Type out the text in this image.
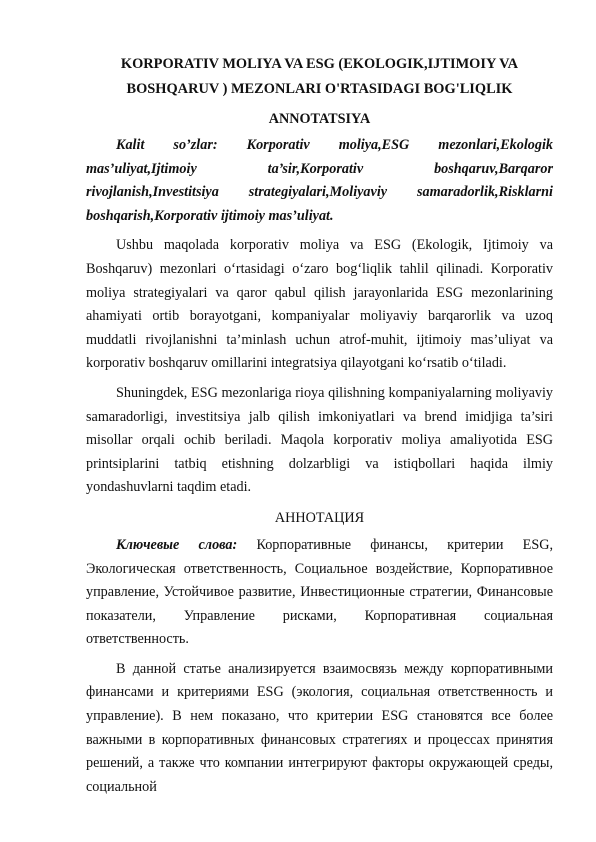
KORPORATIV MOLIYA VA ESG (EKOLOGIK,IJTIMOIY VA
BOSHQARUV ) MEZONLARI O'RTASIDAGI BOG'LIQLIK
ANNOTATSIYA

Kalit so’zlar: Korporativ moliya,ESG mezonlari,Ekologik mas’uliyat,Ijtimoiy ta’sir,Korporativ boshqaruv,Barqaror rivojlanish,Investitsiya strategiyalari,Moliyaviy samaradorlik,Risklarni boshqarish,Korporativ ijtimoiy mas’uliyat.

Ushbu maqolada korporativ moliya va ESG (Ekologik, Ijtimoiy va Boshqaruv) mezonlari o‘rtasidagi o‘zaro bog‘liqlik tahlil qilinadi. Korporativ moliya strategiyalari va qaror qabul qilish jarayonlarida ESG mezonlarining ahamiyati ortib borayotgani, kompaniyalar moliyaviy barqarorlik va uzoq muddatli rivojlanishni ta’minlash uchun atrof-muhit, ijtimoiy mas’uliyat va korporativ boshqaruv omillarini integratsiya qilayotgani ko‘rsatib o‘tiladi.

Shuningdek, ESG mezonlariga rioya qilishning kompaniyalarning moliyaviy samaradorligi, investitsiya jalb qilish imkoniyatlari va brend imidjiga ta’siri misollar orqali ochib beriladi. Maqola korporativ moliya amaliyotida ESG printsiplarini tatbiq etishning dolzarbligi va istiqbollari haqida ilmiy yondashuvlarni taqdim etadi.

АННОТАЦИЯ

Ключевые слова: Корпоративные финансы, критерии ESG, Экологическая ответственность, Социальное воздействие, Корпоративное управление, Устойчивое развитие, Инвестиционные стратегии, Финансовые показатели, Управление рисками, Корпоративная социальная ответственность.

В данной статье анализируется взаимосвязь между корпоративными финансами и критериями ESG (экология, социальная ответственность и управление). В нем показано, что критерии ESG становятся все более важными в корпоративных финансовых стратегиях и процессах принятия решений, а также что компании интегрируют факторы окружающей среды, социальной
